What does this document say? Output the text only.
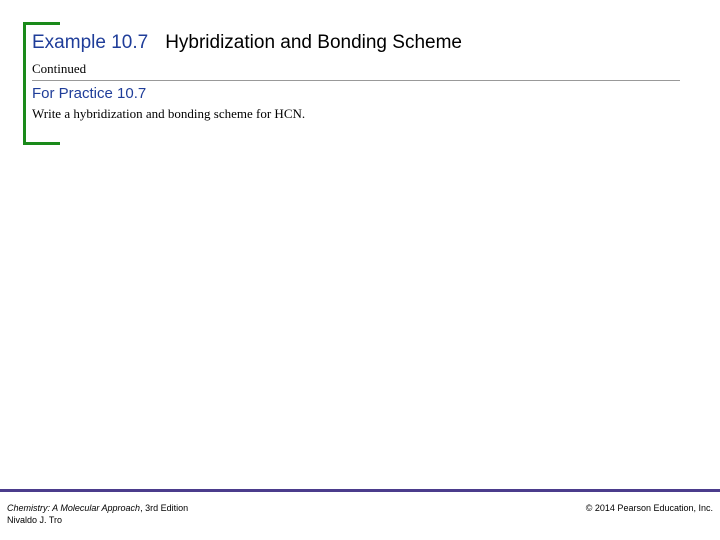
Example 10.7 Hybridization and Bonding Scheme
Continued
For Practice 10.7
Write a hybridization and bonding scheme for HCN.
Chemistry: A Molecular Approach, 3rd Edition
Nivaldo J. Tro
© 2014 Pearson Education, Inc.
